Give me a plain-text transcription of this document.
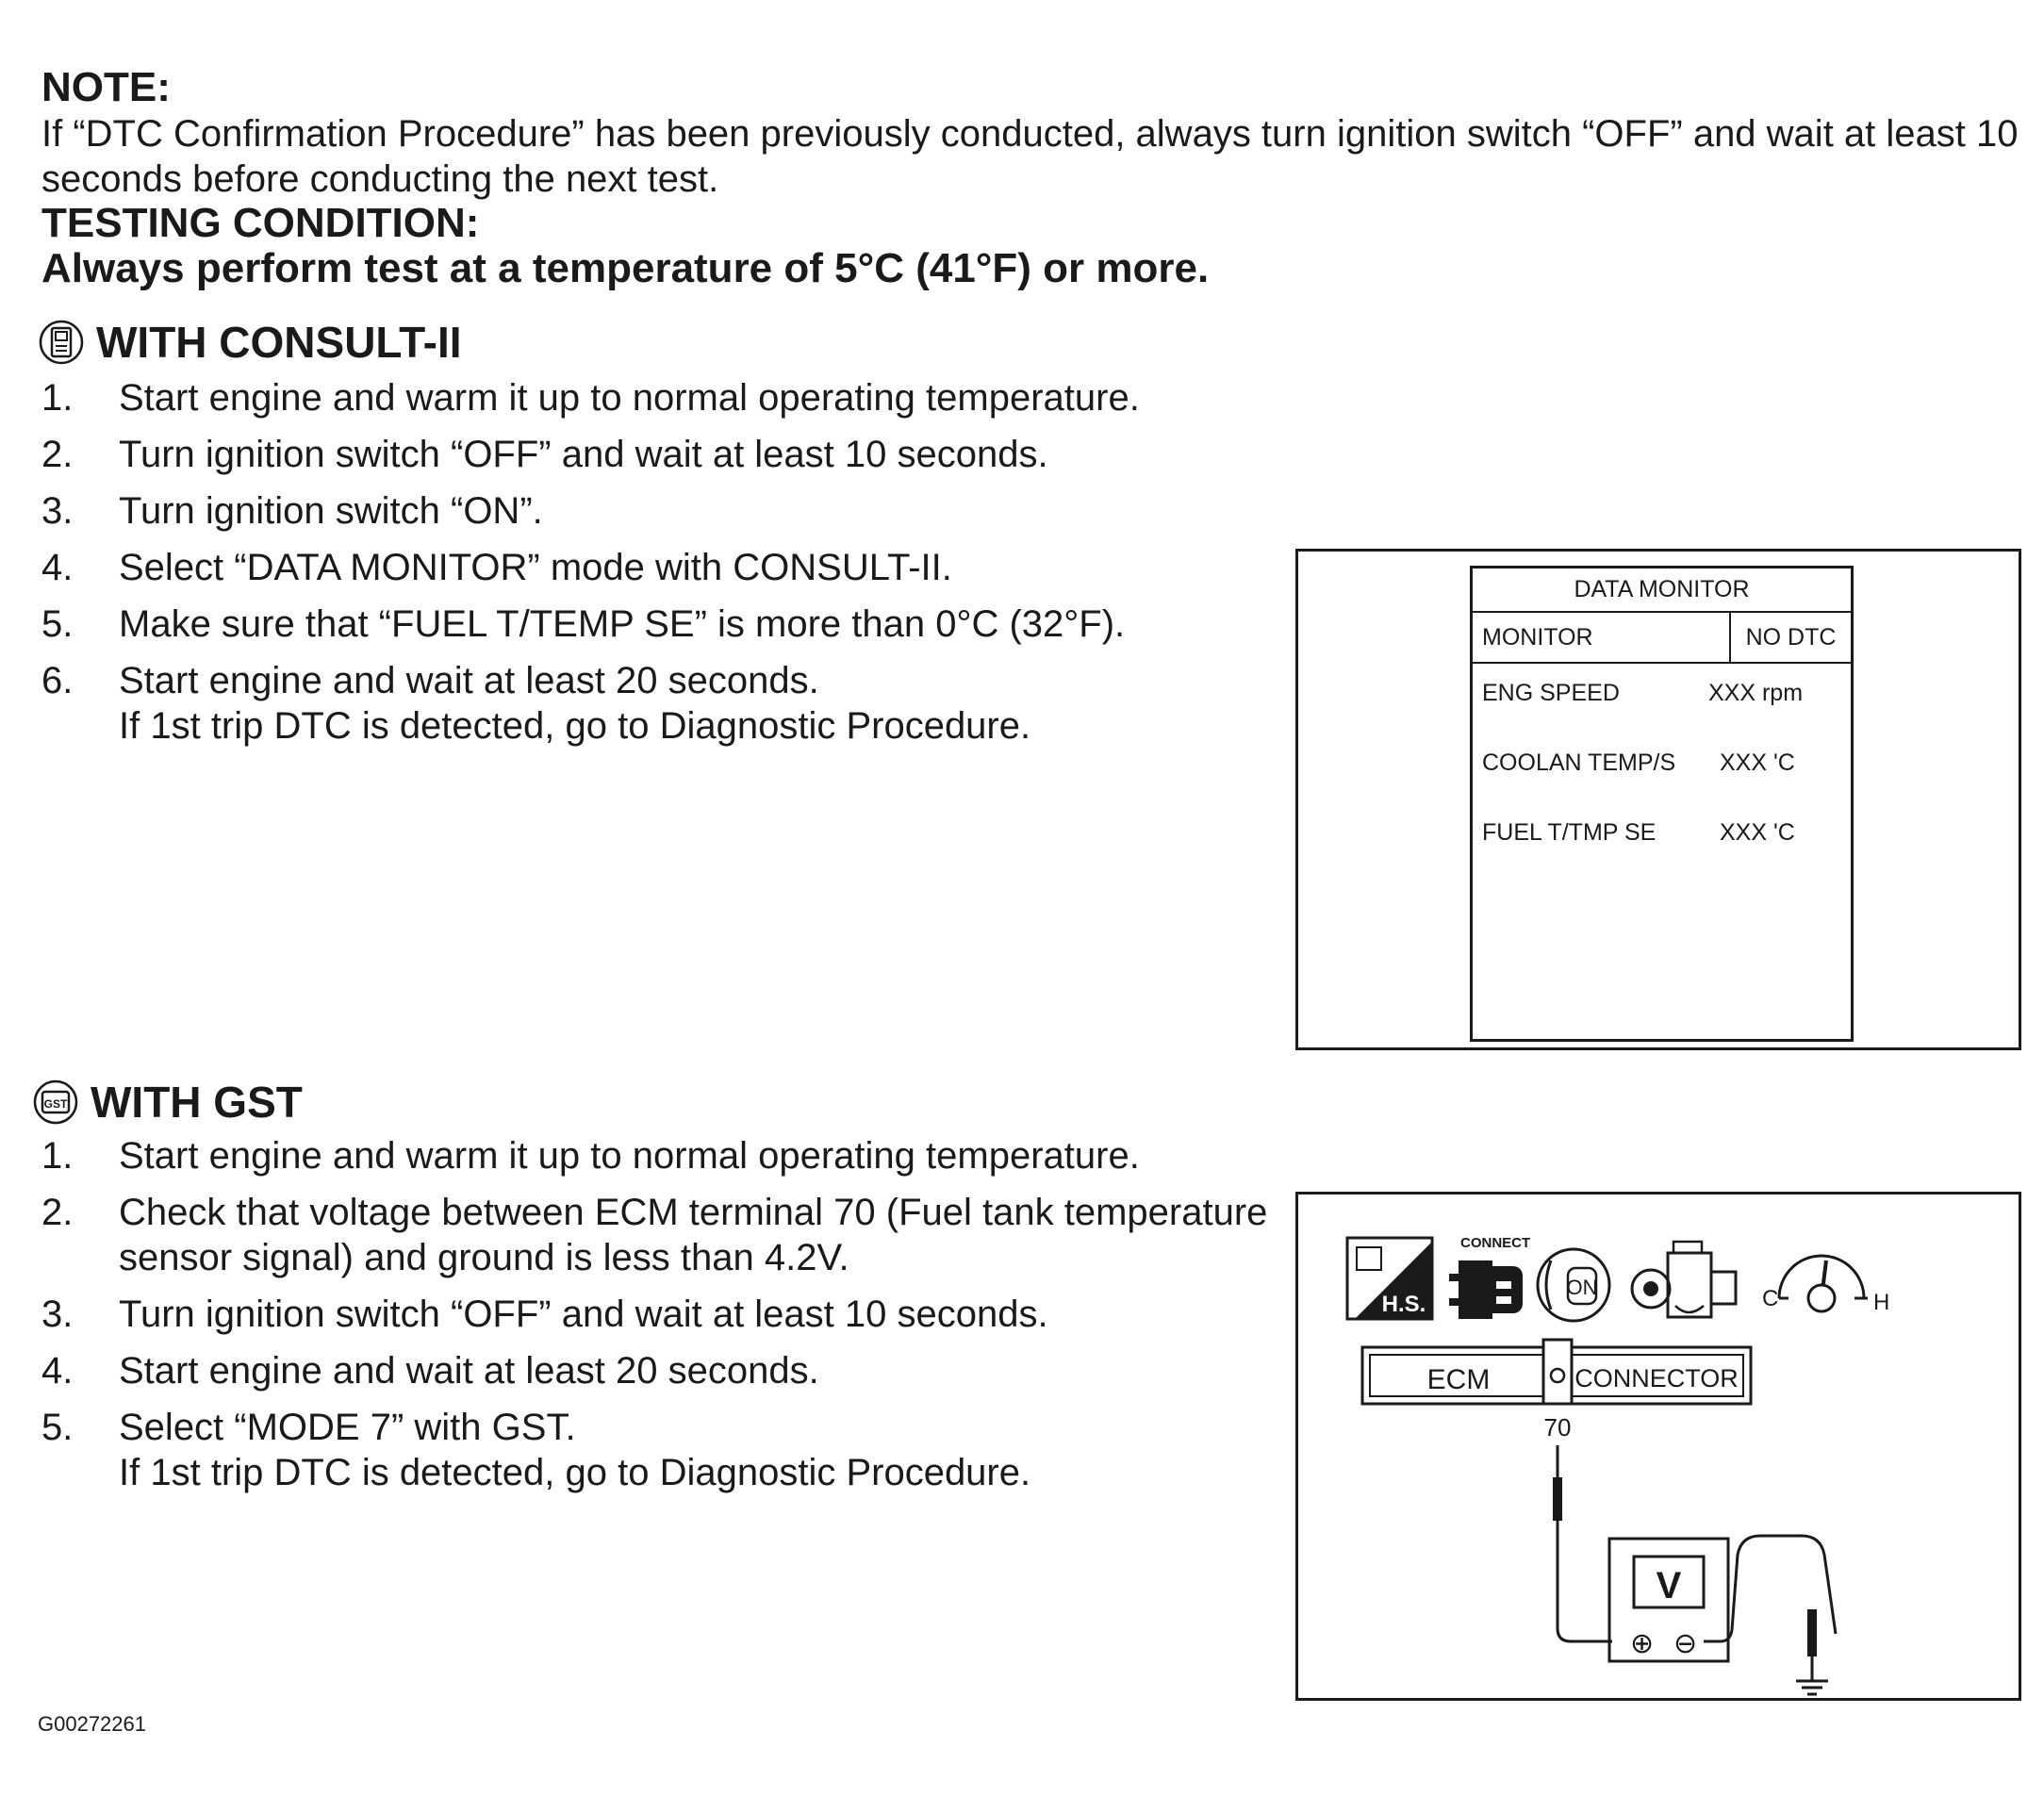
NOTE:
If “DTC Confirmation Procedure” has been previously conducted, always turn ignition switch “OFF” and wait at least 10 seconds before conducting the next test.
TESTING CONDITION:
Always perform test at a temperature of 5°C (41°F) or more.
WITH CONSULT-II
1.	Start engine and warm it up to normal operating temperature.
2.	Turn ignition switch “OFF” and wait at least 10 seconds.
3.	Turn ignition switch “ON”.
4.	Select “DATA MONITOR” mode with CONSULT-II.
5.	Make sure that “FUEL T/TEMP SE” is more than 0°C (32°F).
6.	Start engine and wait at least 20 seconds.
If 1st trip DTC is detected, go to Diagnostic Procedure.
DATA MONITOR
MONITOR	NO DTC
ENG SPEED	XXX rpm
COOLAN TEMP/S XXX 'C
FUEL T/TMP SE	XXX 'C
GST WITH GST
1.	Start engine and warm it up to normal operating temperature.
2.	Check that voltage between ECM terminal 70 (Fuel tank temperature sensor signal) and ground is less than 4.2V.
3.	Turn ignition switch “OFF” and wait at least 10 seconds.
4.	Start engine and wait at least 20 seconds.
5.	Select “MODE 7” with GST.
If 1st trip DTC is detected, go to Diagnostic Procedure.
H.S.
CONNECT
ON	C	H
ECM	CONNECTOR
70
V
⊕ ⊖
G00272261
